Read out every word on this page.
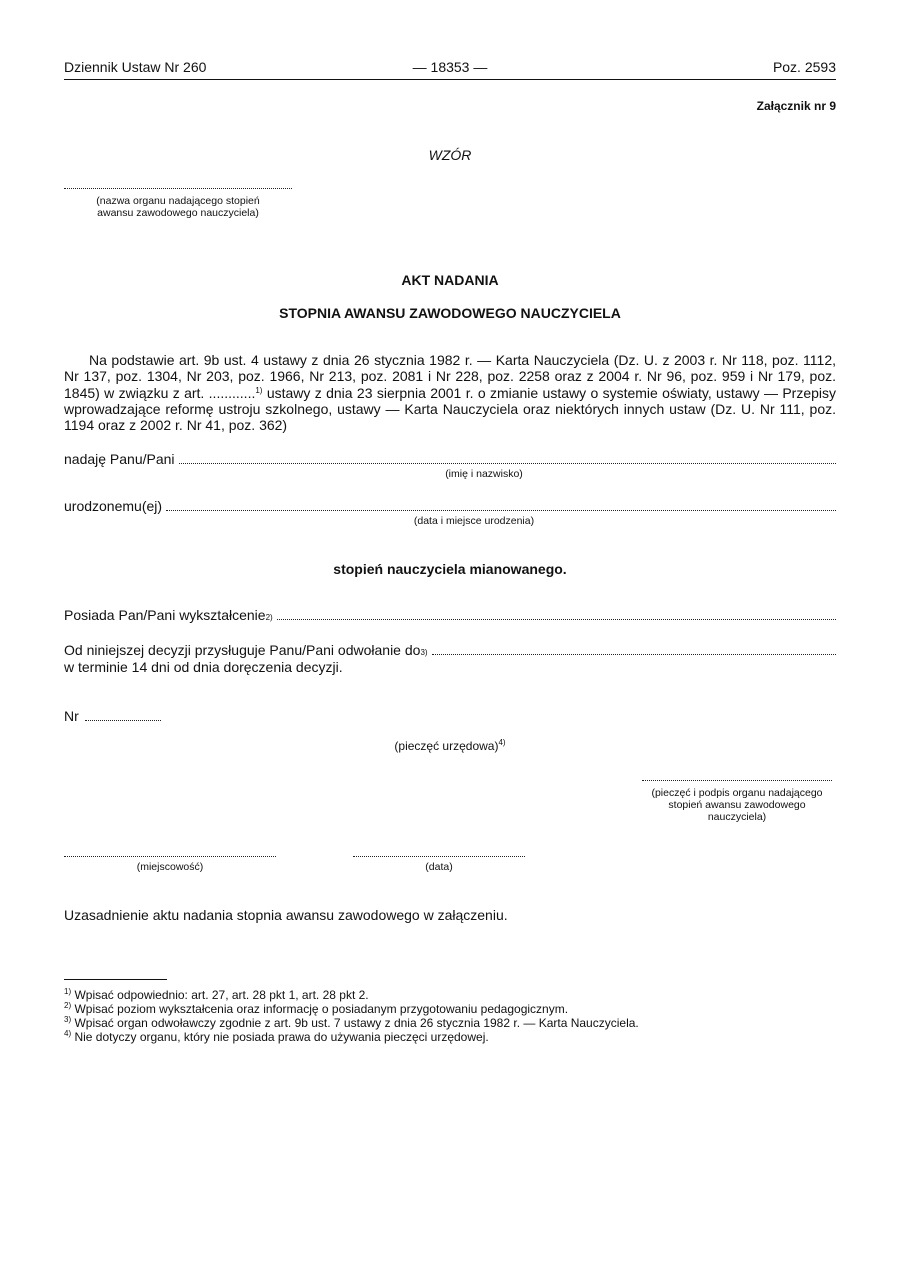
Dziennik Ustaw Nr 260	— 18353 —	Poz. 2593
Załącznik nr 9
WZÓR
(nazwa organu nadającego stopień awansu zawodowego nauczyciela)
AKT NADANIA
STOPNIA AWANSU ZAWODOWEGO NAUCZYCIELA
Na podstawie art. 9b ust. 4 ustawy z dnia 26 stycznia 1982 r. — Karta Nauczyciela (Dz. U. z 2003 r. Nr 118, poz. 1112, Nr 137, poz. 1304, Nr 203, poz. 1966, Nr 213, poz. 2081 i Nr 228, poz. 2258 oraz z 2004 r. Nr 96, poz. 959 i Nr 179, poz. 1845) w związku z art. ............$^{1)}$ ustawy z dnia 23 sierpnia 2001 r. o zmianie ustawy o systemie oświaty, ustawy — Przepisy wprowadzające reformę ustroju szkolnego, ustawy — Karta Nauczyciela oraz niektórych innych ustaw (Dz. U. Nr 111, poz. 1194 oraz z 2002 r. Nr 41, poz. 362)
nadaję Panu/Pani
(imię i nazwisko)
urodzonemu(ej)
(data i miejsce urodzenia)
stopień nauczyciela mianowanego.
Posiada Pan/Pani wykształcenie 2)
Od niniejszej decyzji przysługuje Panu/Pani odwołanie do 3)
w terminie 14 dni od dnia doręczenia decyzji.
Nr
(pieczęć urzędowa)$^{4)}$
(pieczęć i podpis organu nadającego stopień awansu zawodowego nauczyciela)
(miejscowość)	(data)
Uzasadnienie aktu nadania stopnia awansu zawodowego w załączeniu.
$^{1)}$ Wpisać odpowiednio: art. 27, art. 28 pkt 1, art. 28 pkt 2.
$^{2)}$ Wpisać poziom wykształcenia oraz informację o posiadanym przygotowaniu pedagogicznym.
$^{3)}$ Wpisać organ odwoławczy zgodnie z art. 9b ust. 7 ustawy z dnia 26 stycznia 1982 r. — Karta Nauczyciela.
$^{4)}$ Nie dotyczy organu, który nie posiada prawa do używania pieczęci urzędowej.
